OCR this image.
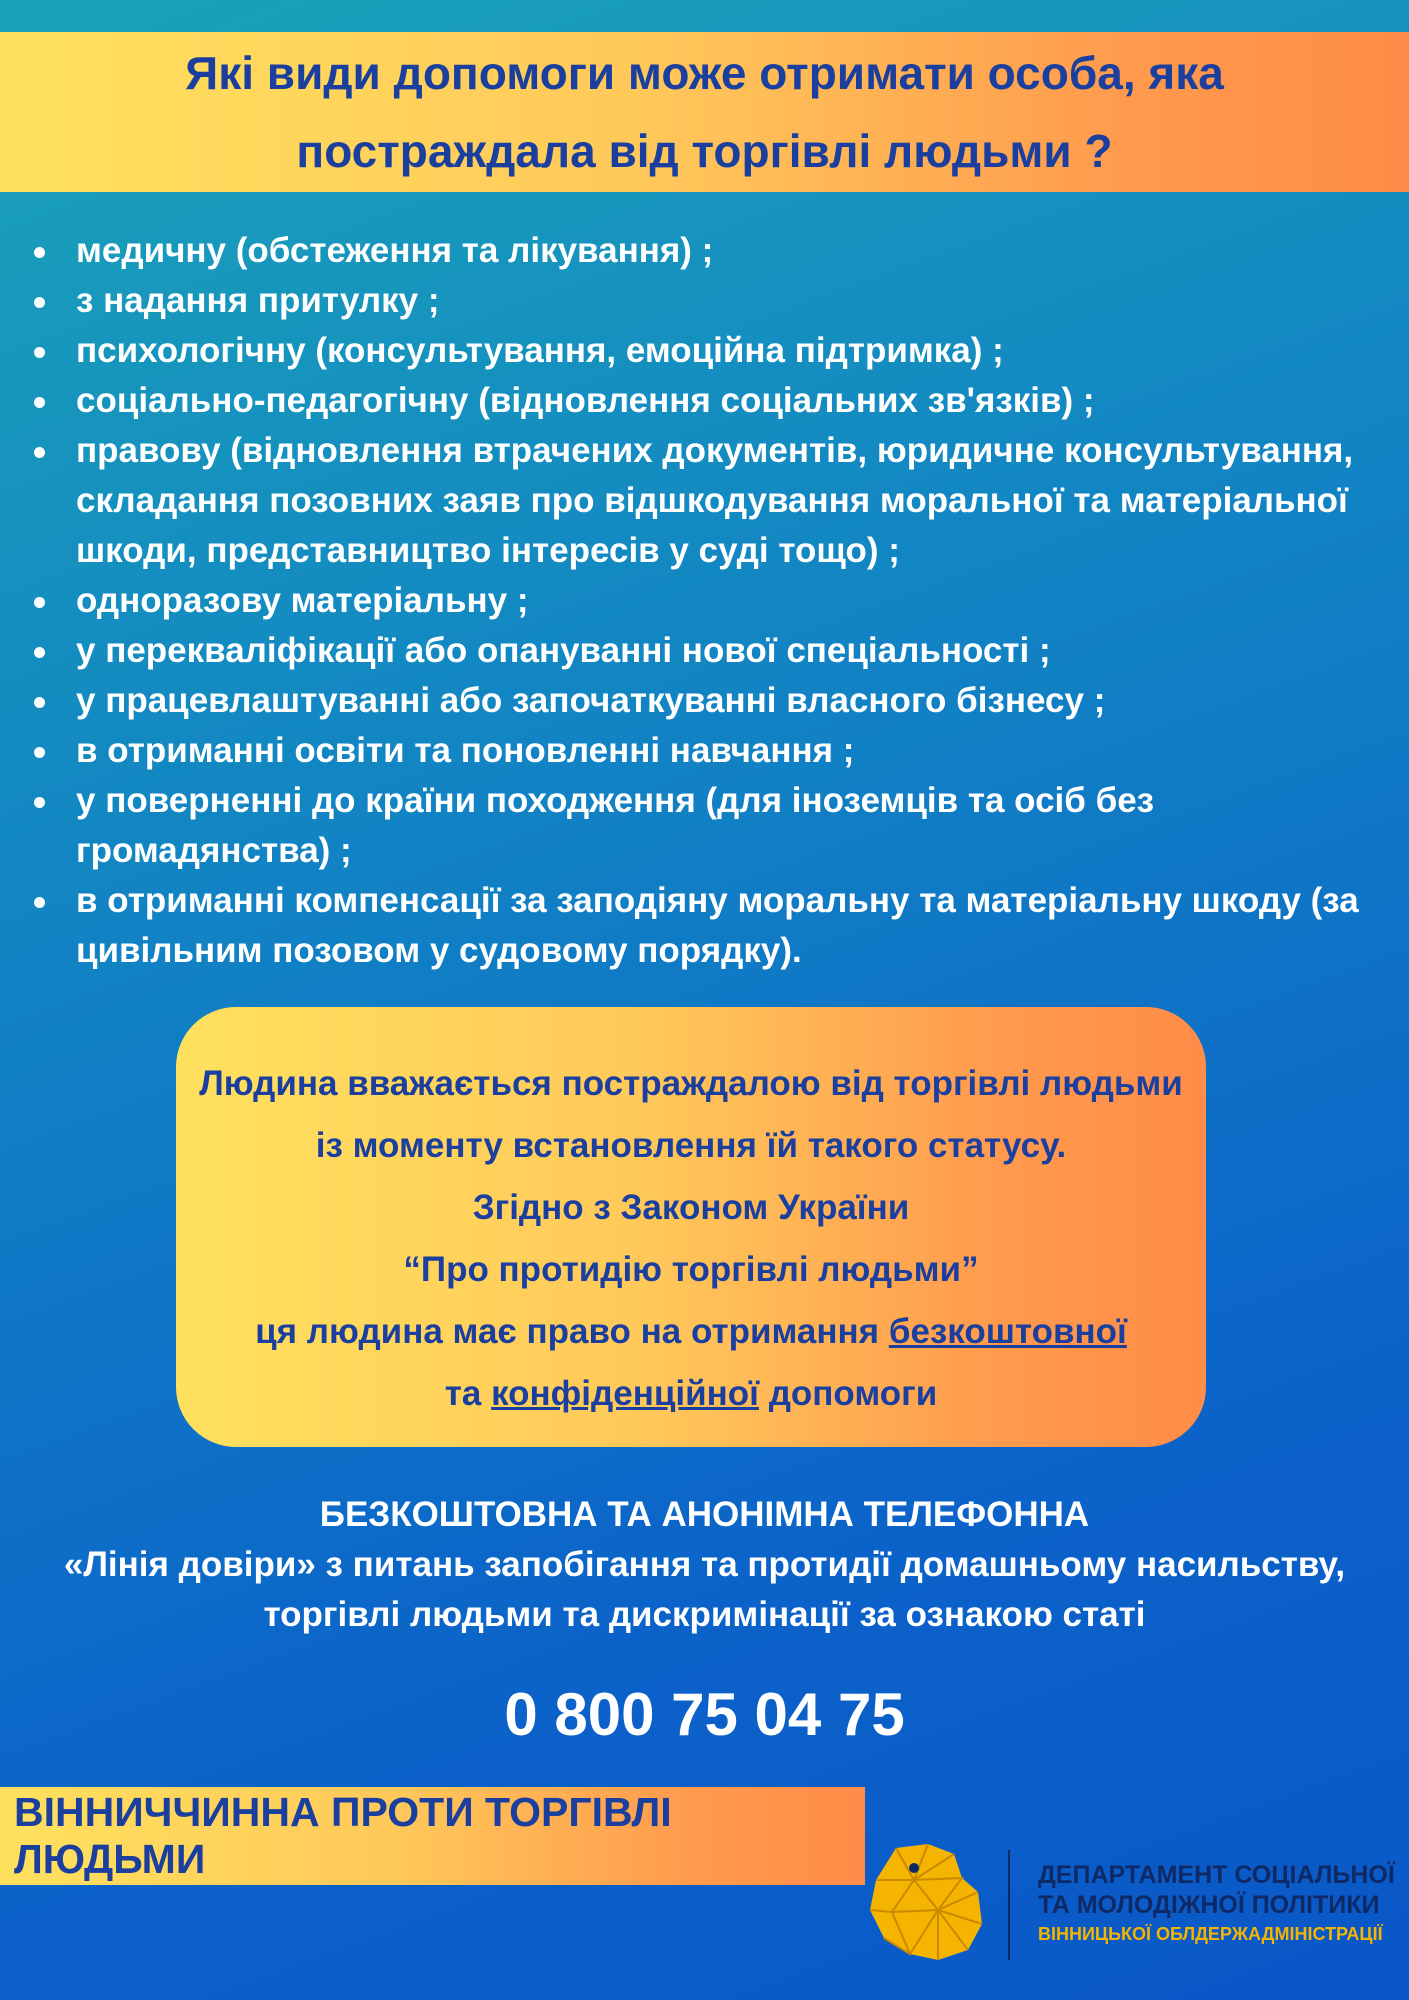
Які види допомоги може отримати особа, яка
постраждала від торгівлі людьми ?
медичну (обстеження та лікування) ;
з надання притулку ;
психологічну (консультування, емоційна підтримка) ;
соціально-педагогічну (відновлення соціальних зв'язків) ;
правову (відновлення втрачених документів, юридичне консультування, складання позовних заяв про відшкодування моральної та матеріальної шкоди, представництво інтересів у суді тощо) ;
одноразову матеріальну ;
у перекваліфікації або опануванні нової спеціальності ;
у працевлаштуванні або започаткуванні власного бізнесу ;
в отриманні освіти та поновленні навчання ;
у поверненні до країни походження (для іноземців та осіб без громадянства) ;
в отриманні компенсації за заподіяну моральну та матеріальну шкоду (за цивільним позовом у судовому порядку).
Людина вважається постраждалою від торгівлі людьми
із моменту встановлення їй такого статусу.
Згідно з Законом України
“Про протидію торгівлі людьми”
ця людина має право на отримання безкоштовної
та конфіденційної допомоги
БЕЗКОШТОВНА ТА АНОНІМНА ТЕЛЕФОННА
«Лінія довіри» з питань запобігання та протидії домашньому насильству,
торгівлі людьми та дискримінації за ознакою статі
0 800 75 04 75
ВІННИЧЧИННА ПРОТИ ТОРГІВЛІ ЛЮДЬМИ	ДЕПАРТАМЕНТ СОЦІАЛЬНОЇ
ТА МОЛОДІЖНОЇ ПОЛІТИКИ
ВІННИЦЬКОЇ ОБЛДЕРЖАДМІНІСТРАЦІЇ
